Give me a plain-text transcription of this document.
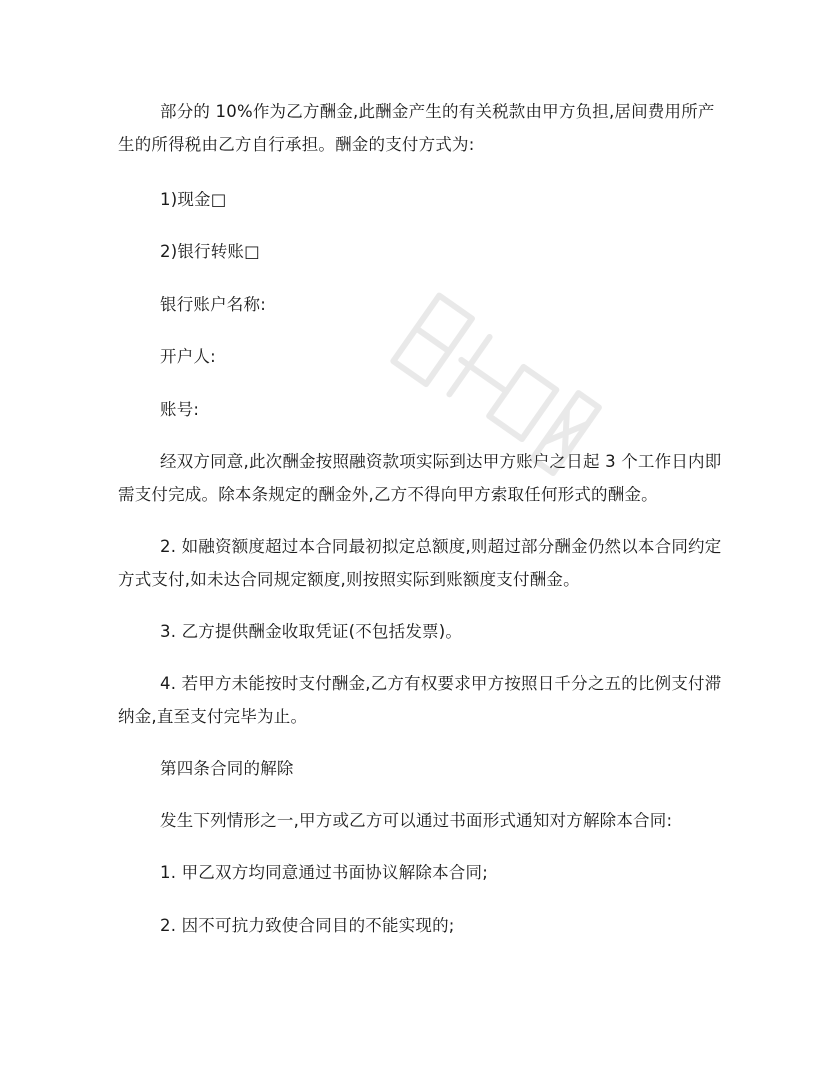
部分的 10%作为乙方酬金,此酬金产生的有关税款由甲方负担,居间费用所产
生的所得税由乙方自行承担。酬金的支付方式为:
1)现金□
2)银行转账□
银行账户名称:
开户人:
账号:
经双方同意,此次酬金按照融资款项实际到达甲方账户之日起 3 个工作日内即
需支付完成。除本条规定的酬金外,乙方不得向甲方索取任何形式的酬金。
2. 如融资额度超过本合同最初拟定总额度,则超过部分酬金仍然以本合同约定
方式支付,如未达合同规定额度,则按照实际到账额度支付酬金。
3. 乙方提供酬金收取凭证(不包括发票)。
4. 若甲方未能按时支付酬金,乙方有权要求甲方按照日千分之五的比例支付滞
纳金,直至支付完毕为止。
第四条合同的解除
发生下列情形之一,甲方或乙方可以通过书面形式通知对方解除本合同:
1. 甲乙双方均同意通过书面协议解除本合同;
2. 因不可抗力致使合同目的不能实现的;
